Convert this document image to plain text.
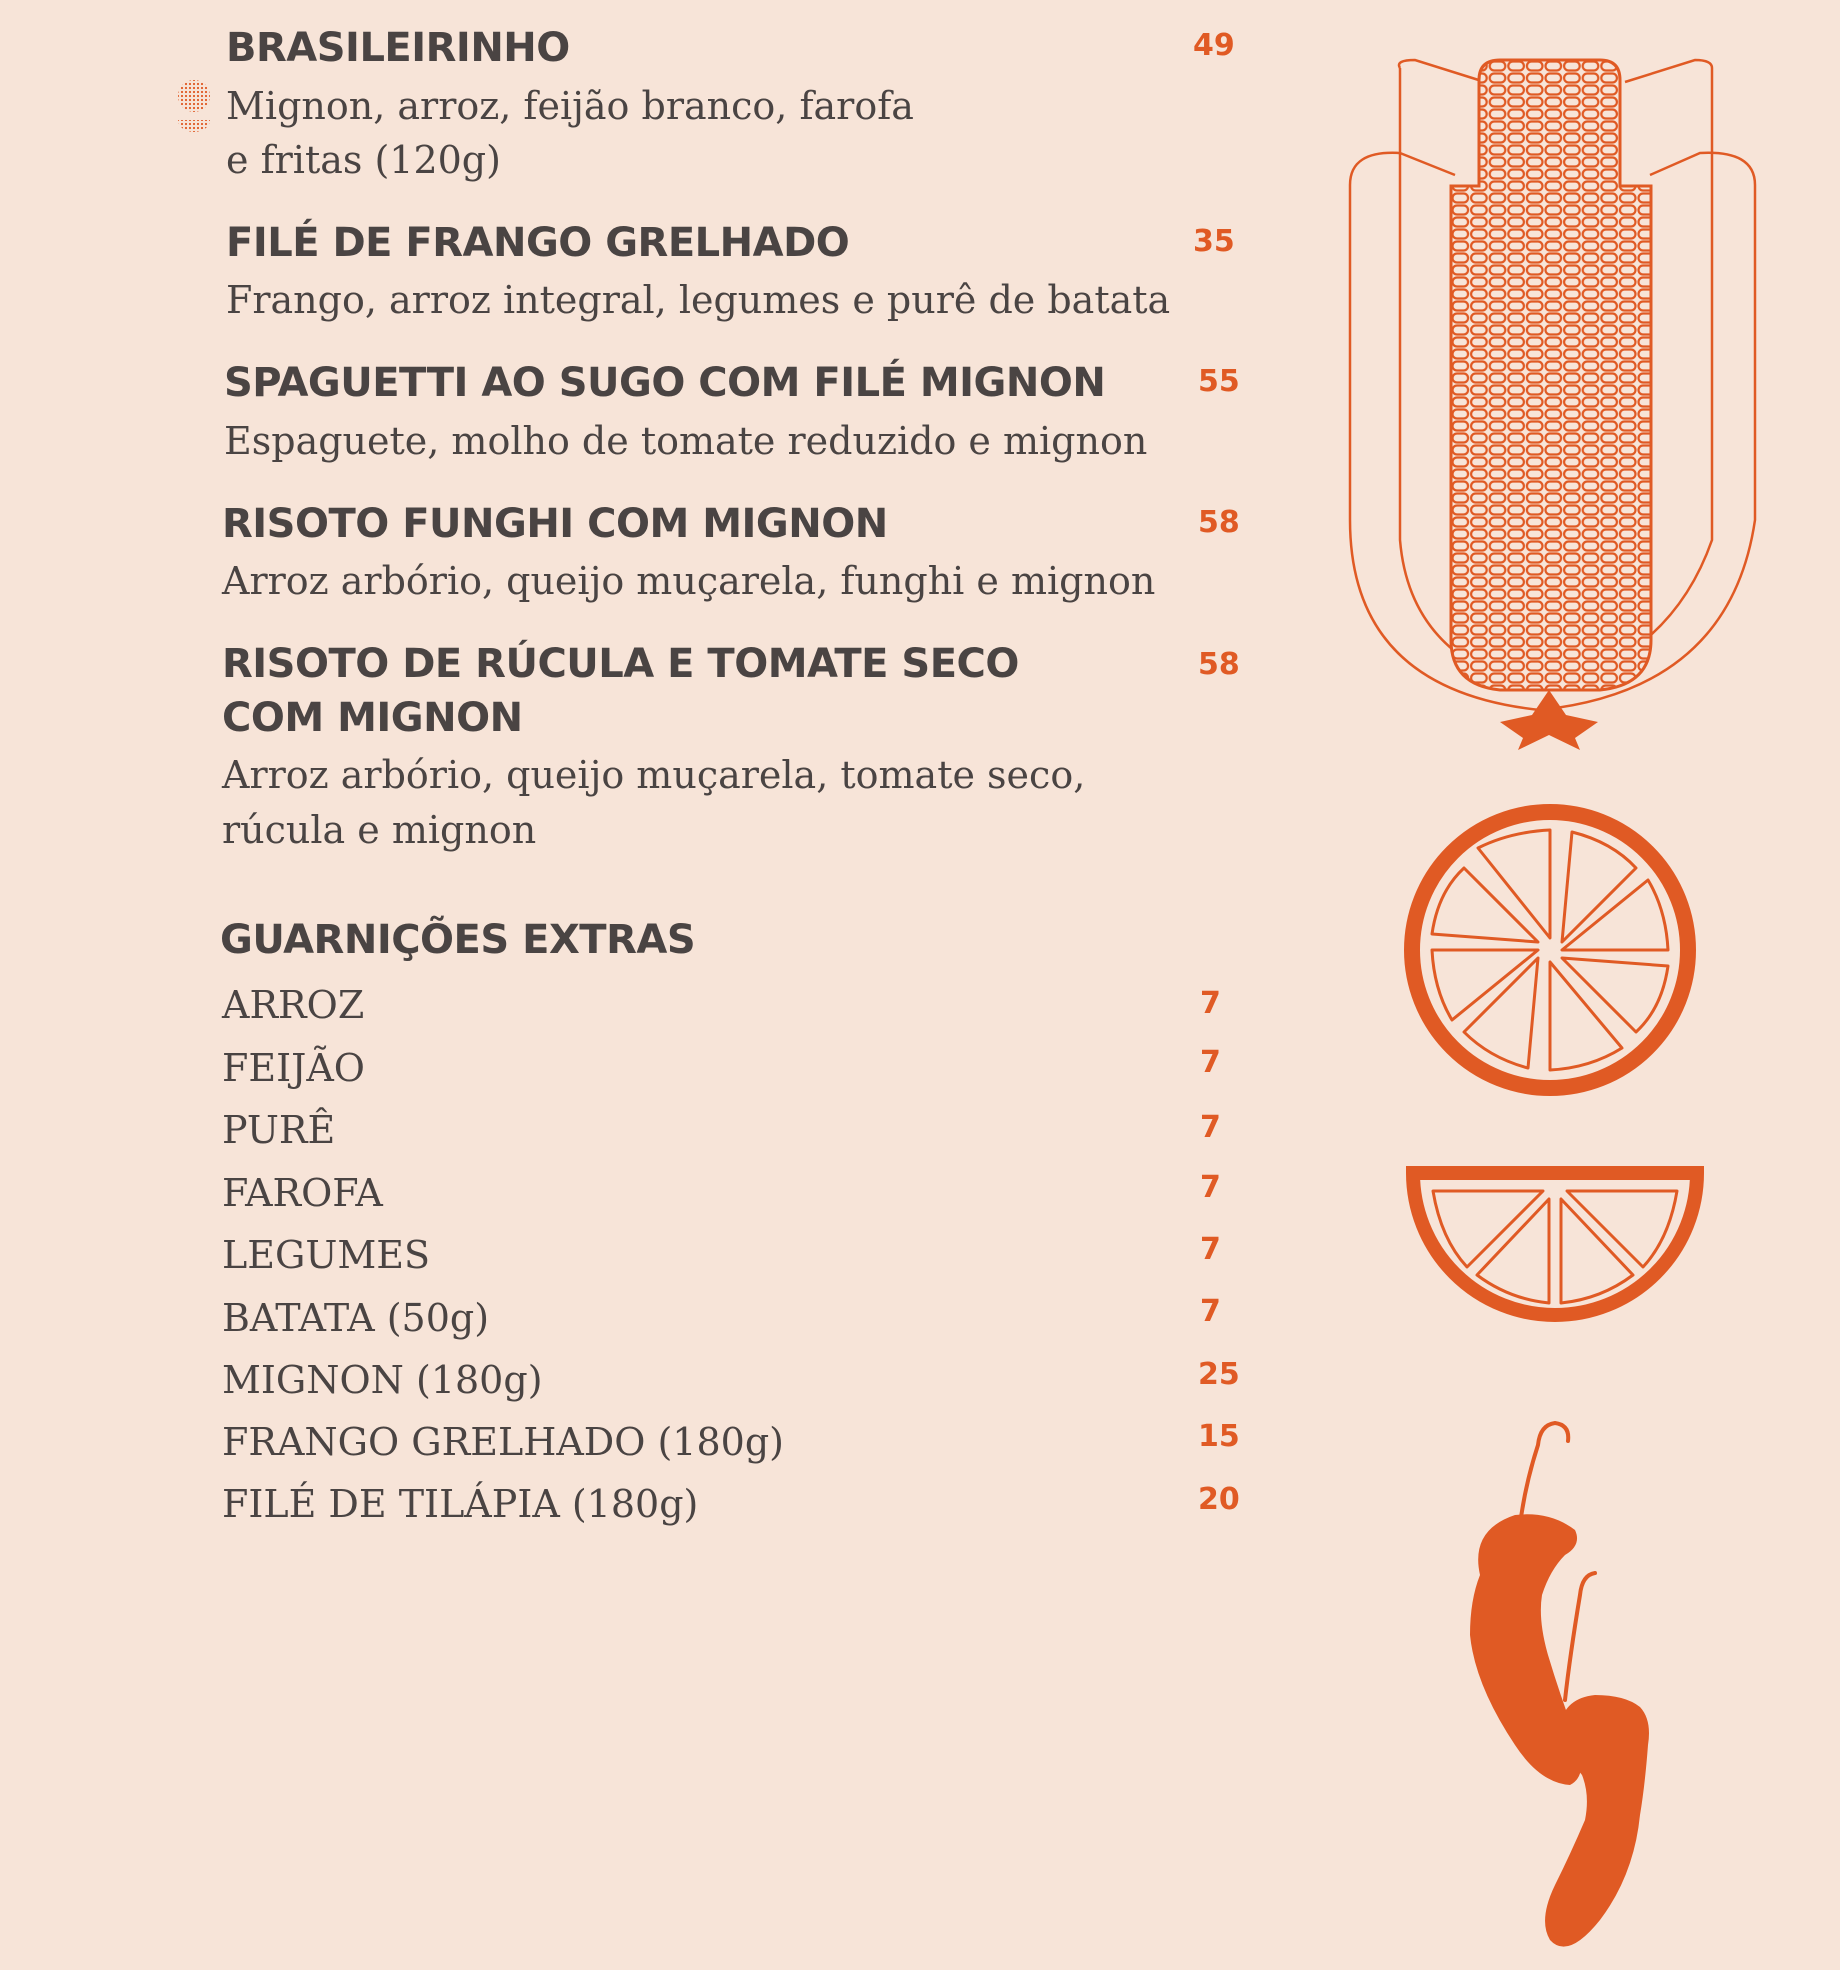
BRASILEIRINHO	49
Mignon, arroz, feijão branco, farofa
e fritas (120g)
FILÉ DE FRANGO GRELHADO	35
Frango, arroz integral, legumes e purê de batata
SPAGUETTI AO SUGO COM FILÉ MIGNON	55
Espaguete, molho de tomate reduzido e mignon
RISOTO FUNGHI COM MIGNON	58
Arroz arbório, queijo muçarela, funghi e mignon
RISOTO DE RÚCULA E TOMATE SECO
COM MIGNON
58
Arroz arbório, queijo muçarela, tomate seco,
rúcula e mignon
GUARNIÇÕES EXTRAS
ARROZ	7
FEIJÃO	7
PURÊ	7
FAROFA	7
LEGUMES	7
BATATA (50g)	7
MIGNON (180g)	25
FRANGO GRELHADO (180g)	15
FILÉ DE TILÁPIA (180g)	20
